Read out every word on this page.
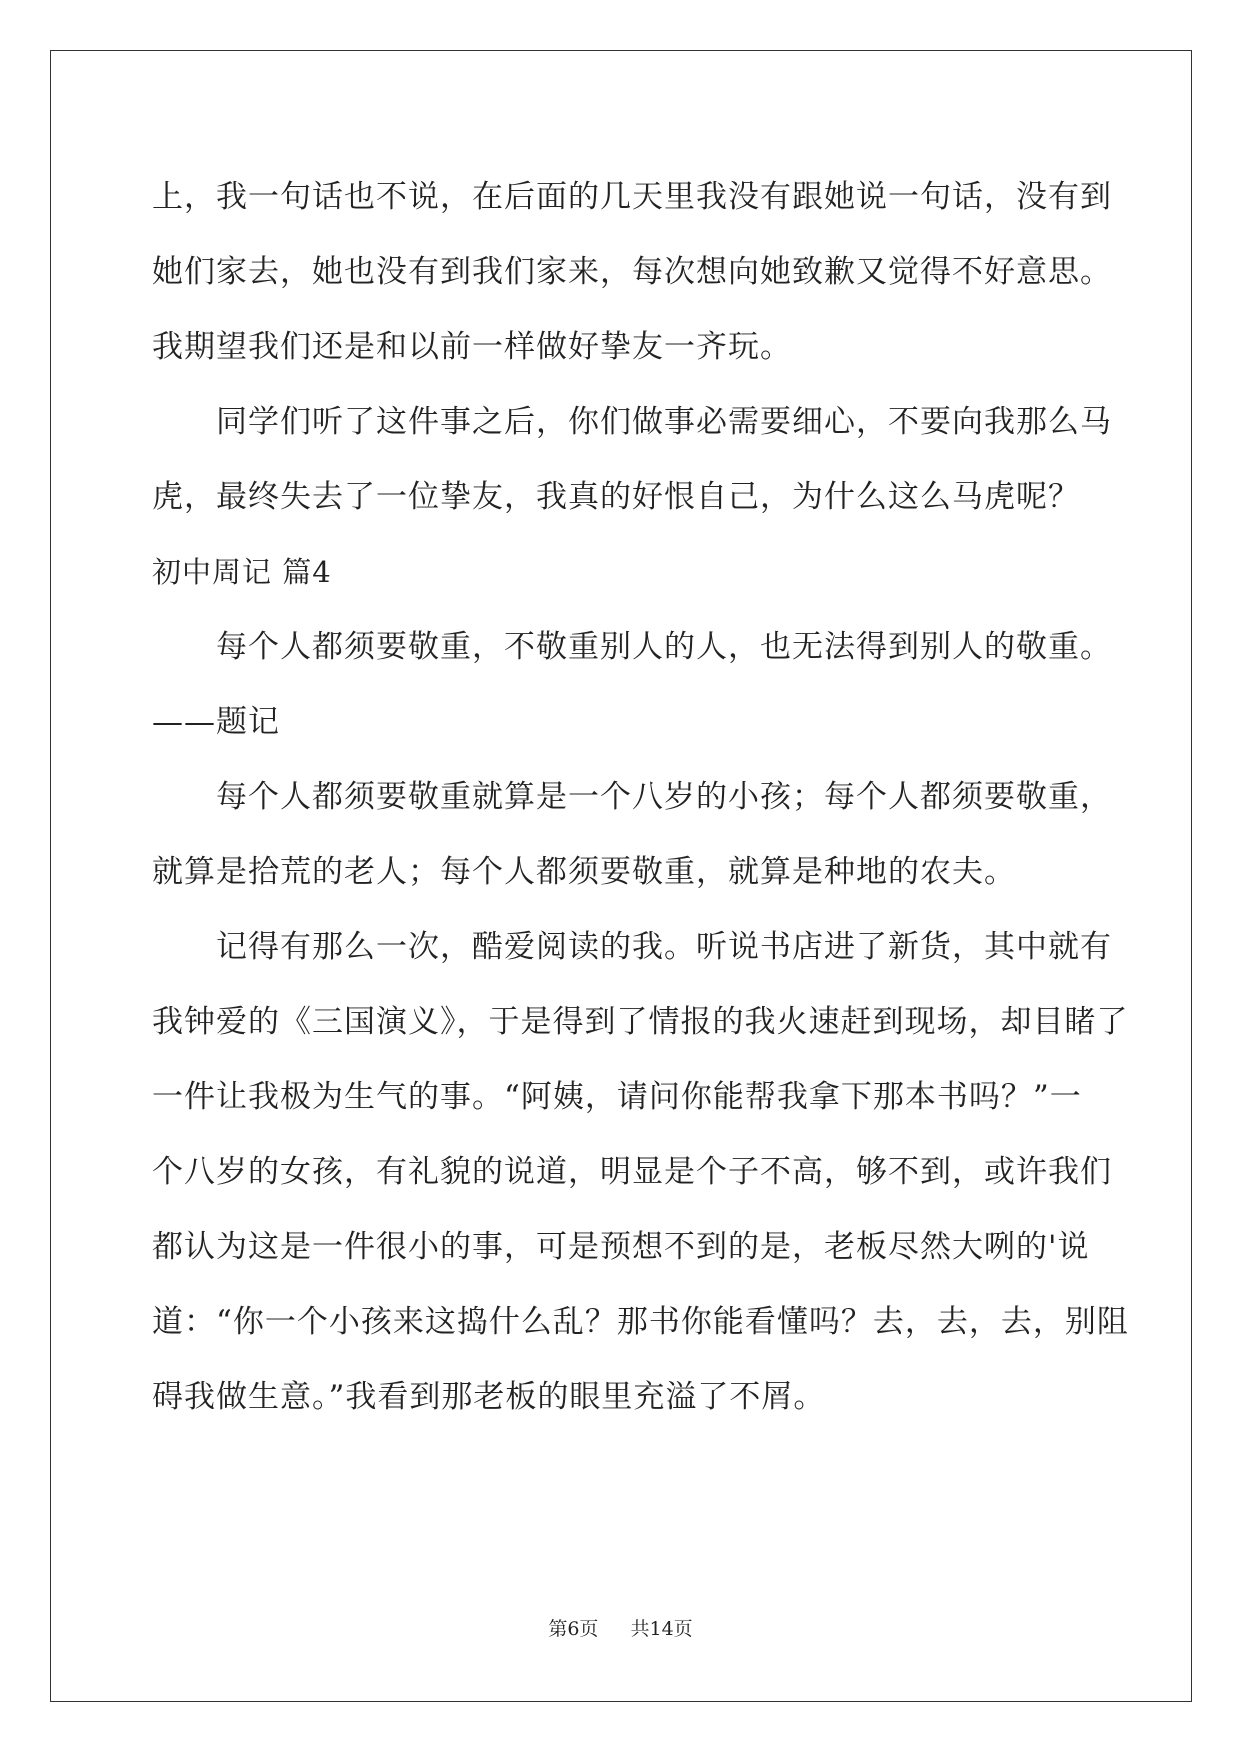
上，我一句话也不说，在后面的几天里我没有跟她说一句话，没有到
她们家去，她也没有到我们家来，每次想向她致歉又觉得不好意思。
我期望我们还是和以前一样做好挚友一齐玩。
同学们听了这件事之后，你们做事必需要细心，不要向我那么马
虎，最终失去了一位挚友，我真的好恨自己，为什么这么马虎呢？
初中周记 篇4
每个人都须要敬重，不敬重别人的人，也无法得到别人的敬重。
——题记
每个人都须要敬重就算是一个八岁的小孩；每个人都须要敬重，
就算是拾荒的老人；每个人都须要敬重，就算是种地的农夫。
记得有那么一次，酷爱阅读的我。听说书店进了新货，其中就有
我钟爱的《三国演义》，于是得到了情报的我火速赶到现场，却目睹了
一件让我极为生气的事。“阿姨，请问你能帮我拿下那本书吗？”一
个八岁的女孩，有礼貌的说道，明显是个子不高，够不到，或许我们
都认为这是一件很小的事，可是预想不到的是，老板尽然大咧的'说
道：“你一个小孩来这捣什么乱？那书你能看懂吗？去，去，去，别阻
碍我做生意。”我看到那老板的眼里充溢了不屑。
第6页 共14页
